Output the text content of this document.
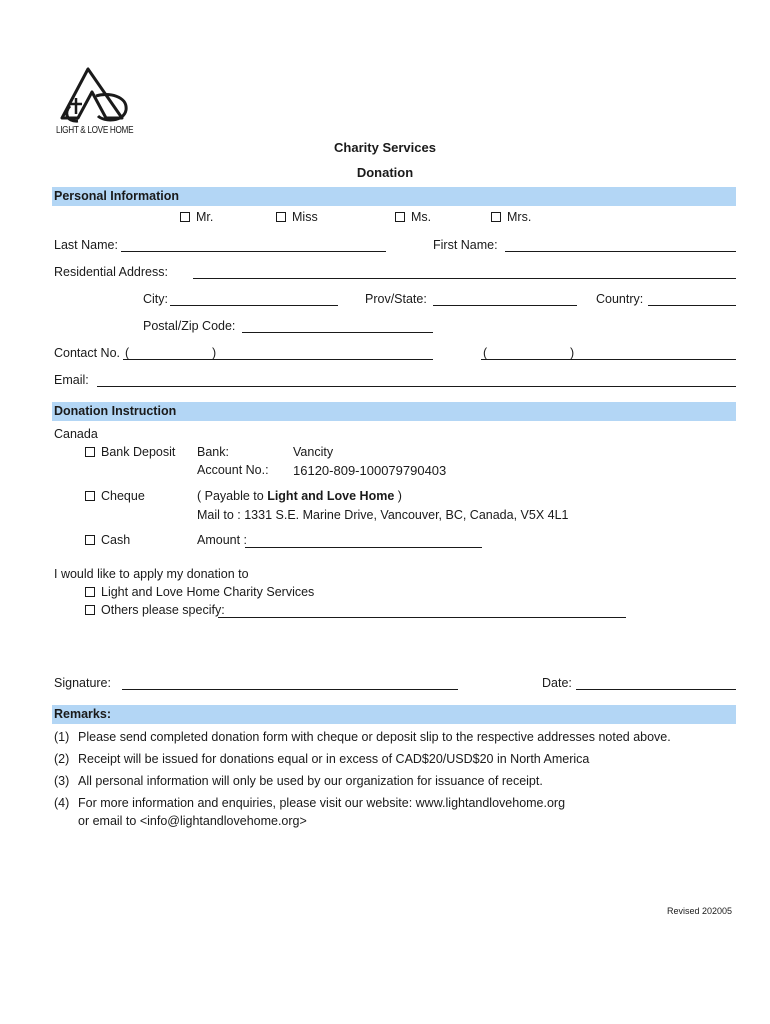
LIGHT & LOVE HOME
Charity Services
Donation
Personal Information
Mr.	Miss	Ms.	Mrs.
Last Name:	First Name:
Residential Address:
City:	Prov/State:	Country:
Postal/Zip Code:
Contact No. (	)	(	)
Email:
Donation Instruction
Canada
Bank Deposit Bank:	Vancity
Account No.: 16120-809-100079790403
Cheque	( Payable to Light and Love Home )
Mail to : 1331 S.E. Marine Drive, Vancouver, BC, Canada, V5X 4L1
Cash	Amount :
I would like to apply my donation to
Light and Love Home Charity Services
Others please specify:
Signature:	Date:
Remarks:
(1) Please send completed donation form with cheque or deposit slip to the respective addresses noted above.
(2) Receipt will be issued for donations equal or in excess of CAD$20/USD$20 in North America
(3) All personal information will only be used by our organization for issuance of receipt.
(4) For more information and enquiries, please visit our website: www.lightandlovehome.org
or email to <info@lightandlovehome.org>
Revised 202005
